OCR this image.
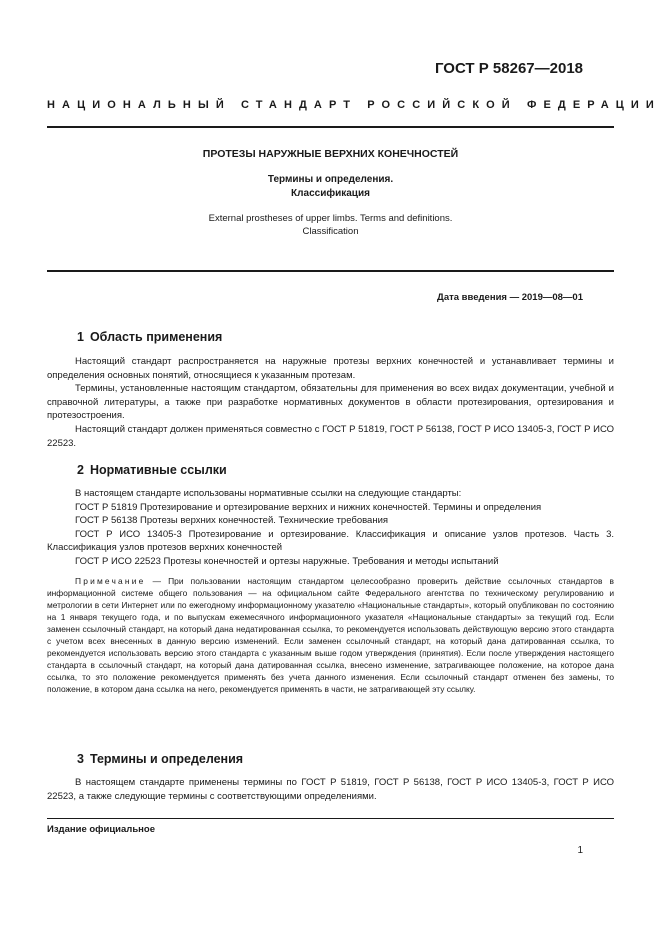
ГОСТ Р 58267—2018
НАЦИОНАЛЬНЫЙ СТАНДАРТ РОССИЙСКОЙ ФЕДЕРАЦИИ
ПРОТЕЗЫ НАРУЖНЫЕ ВЕРХНИХ КОНЕЧНОСТЕЙ
Термины и определения.
Классификация
External prostheses of upper limbs. Terms and definitions.
Classification
Дата введения — 2019—08—01
1 Область применения

Настоящий стандарт распространяется на наружные протезы верхних конечностей и устанавливает термины и определения основных понятий, относящиеся к указанным протезам.

Термины, установленные настоящим стандартом, обязательны для применения во всех видах документации, учебной и справочной литературы, а также при разработке нормативных документов в области протезирования, ортезирования и протезостроения.

Настоящий стандарт должен применяться совместно с ГОСТ Р 51819, ГОСТ Р 56138, ГОСТ Р ИСО 13405-3, ГОСТ Р ИСО 22523.

2 Нормативные ссылки

В настоящем стандарте использованы нормативные ссылки на следующие стандарты:

ГОСТ Р 51819 Протезирование и ортезирование верхних и нижних конечностей. Термины и определения

ГОСТ Р 56138 Протезы верхних конечностей. Технические требования

ГОСТ Р ИСО 13405-3 Протезирование и ортезирование. Классификация и описание узлов протезов. Часть 3. Классификация узлов протезов верхних конечностей

ГОСТ Р ИСО 22523 Протезы конечностей и ортезы наружные. Требования и методы испытаний

Примечание — При пользовании настоящим стандартом целесообразно проверить действие ссылочных стандартов в информационной системе общего пользования — на официальном сайте Федерального агентства по техническому регулированию и метрологии в сети Интернет или по ежегодному информационному указателю «Национальные стандарты», который опубликован по состоянию на 1 января текущего года, и по выпускам ежемесячного информационного указателя «Национальные стандарты» за текущий год. Если заменен ссылочный стандарт, на который дана недатированная ссылка, то рекомендуется использовать действующую версию этого стандарта с учетом всех внесенных в данную версию изменений. Если заменен ссылочный стандарт, на который дана датированная ссылка, то рекомендуется использовать версию этого стандарта с указанным выше годом утверждения (принятия). Если после утверждения настоящего стандарта в ссылочный стандарт, на который дана датированная ссылка, внесено изменение, затрагивающее положение, на которое дана ссылка, то это положение рекомендуется применять без учета данного изменения. Если ссылочный стандарт отменен без замены, то положение, в котором дана ссылка на него, рекомендуется применять в части, не затрагивающей эту ссылку.

3 Термины и определения

В настоящем стандарте применены термины по ГОСТ Р 51819, ГОСТ Р 56138, ГОСТ Р ИСО 13405-3, ГОСТ Р ИСО 22523, а также следующие термины с соответствующими определениями.

Издание официальное
1
